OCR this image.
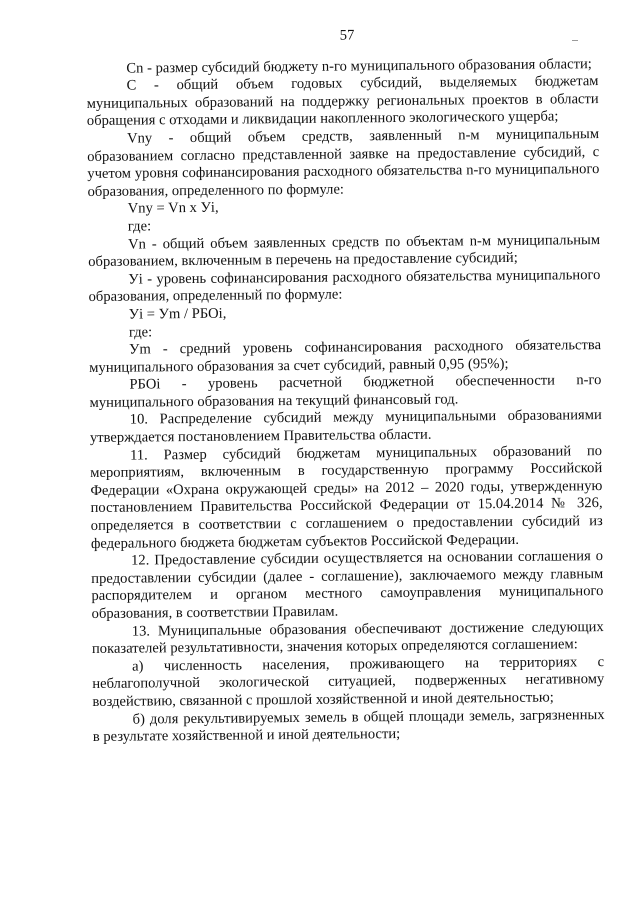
57

Cn - размер субсидий бюджету n-го муниципального образования области;

C - общий объем годовых субсидий, выделяемых бюджетам муниципальных образований на поддержку региональных проектов в области обращения с отходами и ликвидации накопленного экологического ущерба;

Vny - общий объем средств, заявленный n-м муниципальным образованием согласно представленной заявке на предоставление субсидий, с учетом уровня софинансирования расходного обязательства n-го муниципального образования, определенного по формуле:

Vny = Vn x Уi,

где:

Vn - общий объем заявленных средств по объектам n-м муниципальным образованием, включенным в перечень на предоставление субсидий;

Уi - уровень софинансирования расходного обязательства муниципального образования, определенный по формуле:

Уi = Уm / РБОi,

где:

Уm - средний уровень софинансирования расходного обязательства муниципального образования за счет субсидий, равный 0,95 (95%);

РБОi - уровень расчетной бюджетной обеспеченности n-го муниципального образования на текущий финансовый год.

10. Распределение субсидий между муниципальными образованиями утверждается постановлением Правительства области.

11. Размер субсидий бюджетам муниципальных образований по мероприятиям, включенным в государственную программу Российской Федерации «Охрана окружающей среды» на 2012 – 2020 годы, утвержденную постановлением Правительства Российской Федерации от 15.04.2014 № 326, определяется в соответствии с соглашением о предоставлении субсидий из федерального бюджета бюджетам субъектов Российской Федерации.

12. Предоставление субсидии осуществляется на основании соглашения о предоставлении субсидии (далее - соглашение), заключаемого между главным распорядителем и органом местного самоуправления муниципального образования, в соответствии Правилам.

13. Муниципальные образования обеспечивают достижение следующих показателей результативности, значения которых определяются соглашением:

а) численность населения, проживающего на территориях с неблагополучной экологической ситуацией, подверженных негативному воздействию, связанной с прошлой хозяйственной и иной деятельностью;

б) доля рекультивируемых земель в общей площади земель, загрязненных в результате хозяйственной и иной деятельности;
